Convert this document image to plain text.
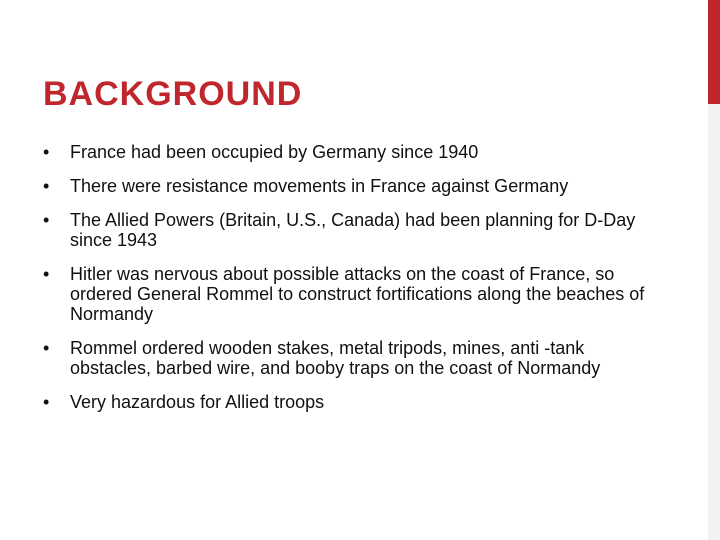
BACKGROUND
•	France had been occupied by Germany since 1940
•	There were resistance movements in France against Germany
•	The Allied Powers (Britain, U.S., Canada) had been planning for D-Day since 1943
•	Hitler was nervous about possible attacks on the coast of France, so ordered General Rommel to construct fortifications along the beaches of Normandy
•	Rommel ordered wooden stakes, metal tripods, mines, anti -tank obstacles, barbed wire, and booby traps on the coast of Normandy
•	Very hazardous for Allied troops
